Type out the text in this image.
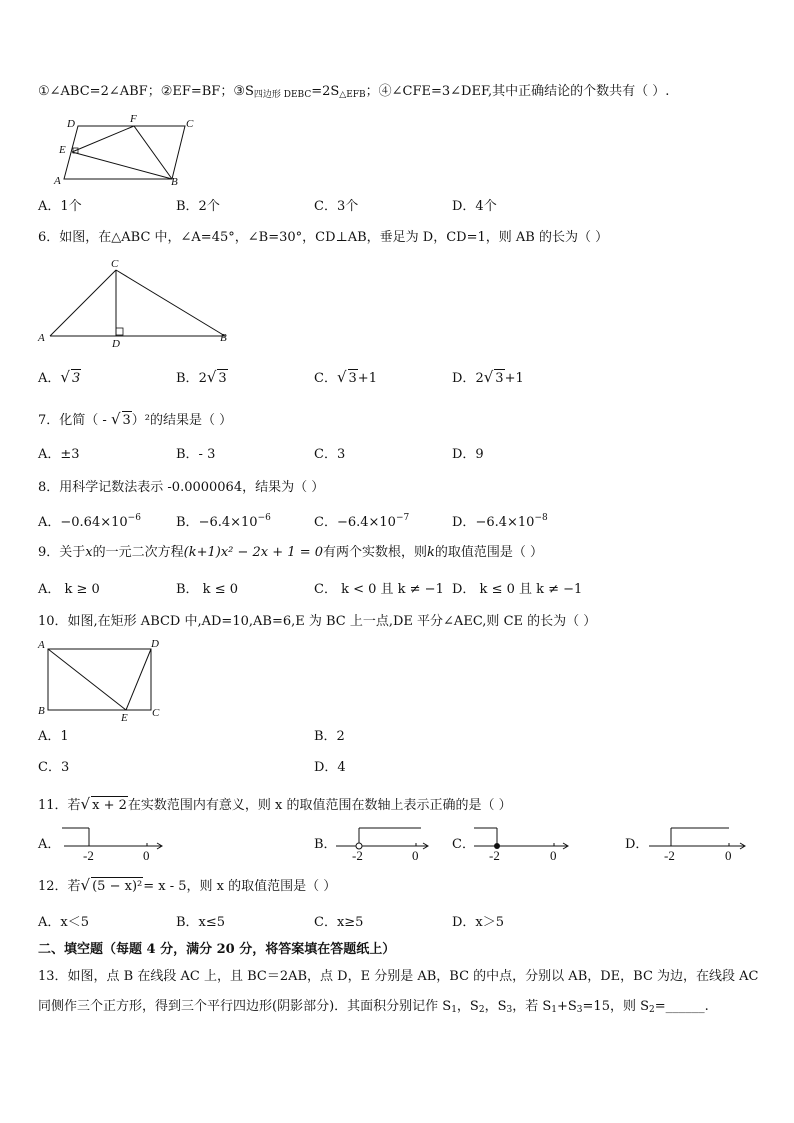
①∠ABC=2∠ABF；②EF=BF；$③S_{四边形 DEBC}=2S_{\triangle EFB}$；④∠CFE=3∠DEF,其中正确结论的个数共有（ ）.
D	F	C
E
A	B
A．1个	B．2个	C．3个	D．4个
6．如图，在△ABC 中，∠A=45°，∠B=30°，CD⊥AB，垂足为 D，CD=1，则 AB 的长为（ ）
C
A	D	B
A．√ 3	B．2√ 3	C．√ 3+1	D．2√ 3+1
7．化简（ - √ 3）²的结果是（ ）
A．±3	B．- 3	C．3	D．9
8．用科学记数法表示 -0.0000064，结果为（ ）
A．$-0.64\times 10^{-6}$	B．$-6.4\times 10^{-6}$	C．$-6.4\times 10^{-7}$	D．$-6.4\times 10^{-8}$
9．关于x的一元二次方程(k+1)x² − 2x + 1 = 0有两个实数根，则k的取值范围是（ ）
A． k ≥ 0	B． k ≤ 0	C． k < 0 且 k ≠ −1 D． k ≤ 0 且 k ≠ −1
10．如图,在矩形 ABCD 中,AD=10,AB=6,E 为 BC 上一点,DE 平分∠AEC,则 CE 的长为（ ）
A	D
B
E C
A．1	B．2
C．3	D．4
11．若√ x + 2在实数范围内有意义，则 x 的取值范围在数轴上表示正确的是（ ）
A．
-2	0
B．
-2	0
C．
-2	0
D．
-2	0
12．若√ (5 − x)²= x - 5，则 x 的取值范围是（ ）
A．x＜5	B．x≤5	C．x≥5	D．x＞5
二、填空题（每题 4 分，满分 20 分，将答案填在答题纸上）
13．如图，点 B 在线段 AC 上，且 BC＝2AB，点 D，E 分别是 AB，BC 的中点，分别以 AB，DE，BC 为边，在线段 AC
同侧作三个正方形，得到三个平行四边形(阴影部分)．其面积分别记作 $S_1$，$S_2$，$S_3$，若 $S_1+S_3=15$，则 $S_2=\_\_\_\_\_\_$.
